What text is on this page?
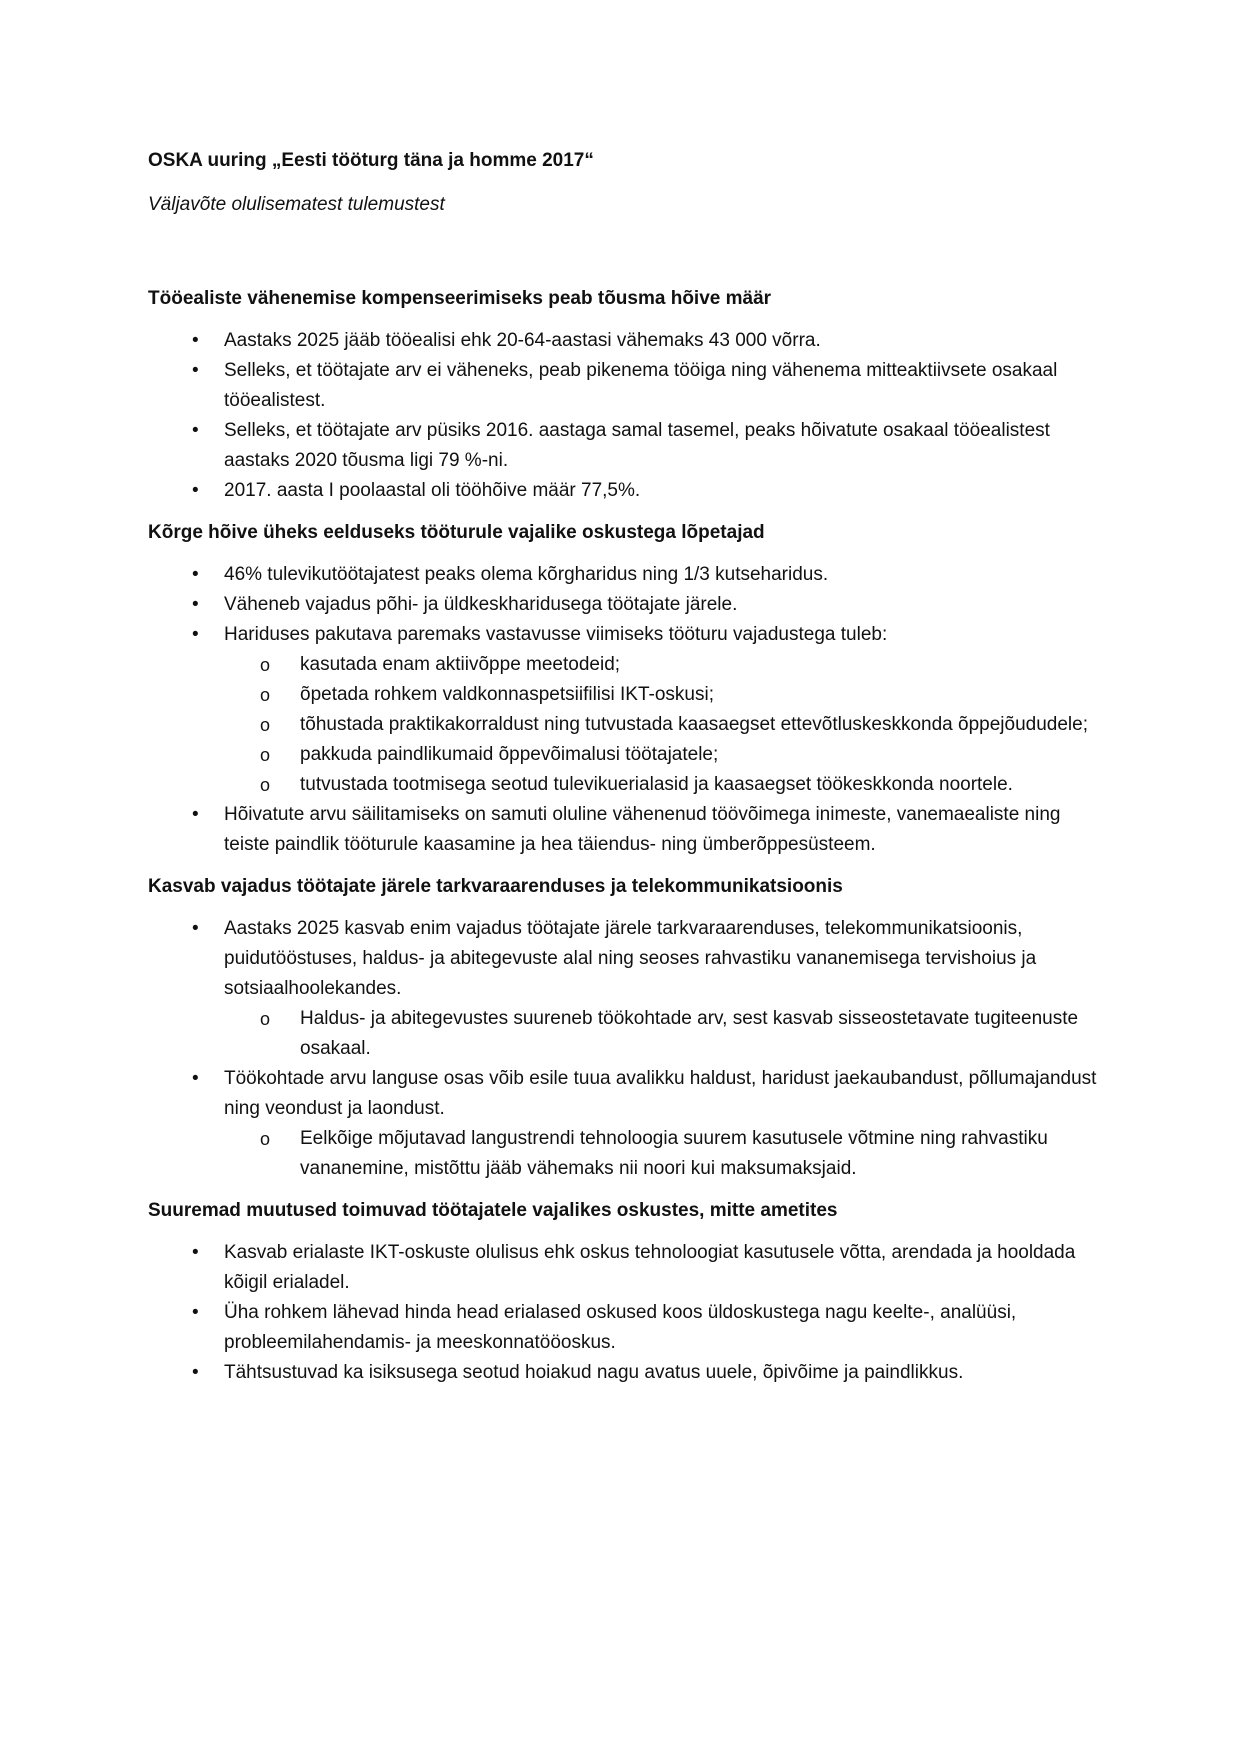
OSKA uuring „Eesti tööturg täna ja homme 2017“
Väljavõte olulisematest tulemustest
Tööealiste vähenemise kompenseerimiseks peab tõusma hõive määr
• Aastaks 2025 jääb tööealisi ehk 20-64-aastasi vähemaks 43 000 võrra.
• Selleks, et töötajate arv ei väheneks, peab pikenema tööiga ning vähenema mitteaktiivsete osakaal tööealistest.
• Selleks, et töötajate arv püsiks 2016. aastaga samal tasemel, peaks hõivatute osakaal tööealistest aastaks 2020 tõusma ligi 79 %-ni.
• 2017. aasta I poolaastal oli tööhõive määr 77,5%.
Kõrge hõive üheks eelduseks tööturule vajalike oskustega lõpetajad
• 46% tulevikutöötajatest peaks olema kõrgharidus ning 1/3 kutseharidus.
• Väheneb vajadus põhi- ja üldkeskharidusega töötajate järele.
• Hariduses pakutava paremaks vastavusse viimiseks tööturu vajadustega tuleb:
o kasutada enam aktiivõppe meetodeid;
o õpetada rohkem valdkonnaspetsiifilisi IKT-oskusi;
o tõhustada praktikakorraldust ning tutvustada kaasaegset ettevõtluskeskkonda õppejõududele;
o pakkuda paindlikumaid õppevõimalusi töötajatele;
o tutvustada tootmisega seotud tulevikuerialasid ja kaasaegset töökeskkonda noortele.
• Hõivatute arvu säilitamiseks on samuti oluline vähenenud töövõimega inimeste, vanemaealiste ning teiste paindlik tööturule kaasamine ja hea täiendus- ning ümberõppesüsteem.
Kasvab vajadus töötajate järele tarkvaraarenduses ja telekommunikatsioonis
• Aastaks 2025 kasvab enim vajadus töötajate järele tarkvaraarenduses, telekommunikatsioonis, puidutööstuses, haldus- ja abitegevuste alal ning seoses rahvastiku vananemisega tervishoius ja sotsiaalhoolekandes.
o Haldus- ja abitegevustes suureneb töökohtade arv, sest kasvab sisseostetavate tugiteenuste osakaal.
• Töökohtade arvu languse osas võib esile tuua avalikku haldust, haridust jaekaubandust, põllumajandust ning veondust ja laondust.
o Eelkõige mõjutavad langustrendi tehnoloogia suurem kasutusele võtmine ning rahvastiku vananemine, mistõttu jääb vähemaks nii noori kui maksumaksjaid.
Suuremad muutused toimuvad töötajatele vajalikes oskustes, mitte ametites
• Kasvab erialaste IKT-oskuste olulisus ehk oskus tehnoloogiat kasutusele võtta, arendada ja hooldada kõigil erialadel.
• Üha rohkem lähevad hinda head erialased oskused koos üldoskustega nagu keelte-, analüüsi, probleemilahendamis- ja meeskonnatööoskus.
• Tähtsustuvad ka isiksusega seotud hoiakud nagu avatus uuele, õpivõime ja paindlikkus.
